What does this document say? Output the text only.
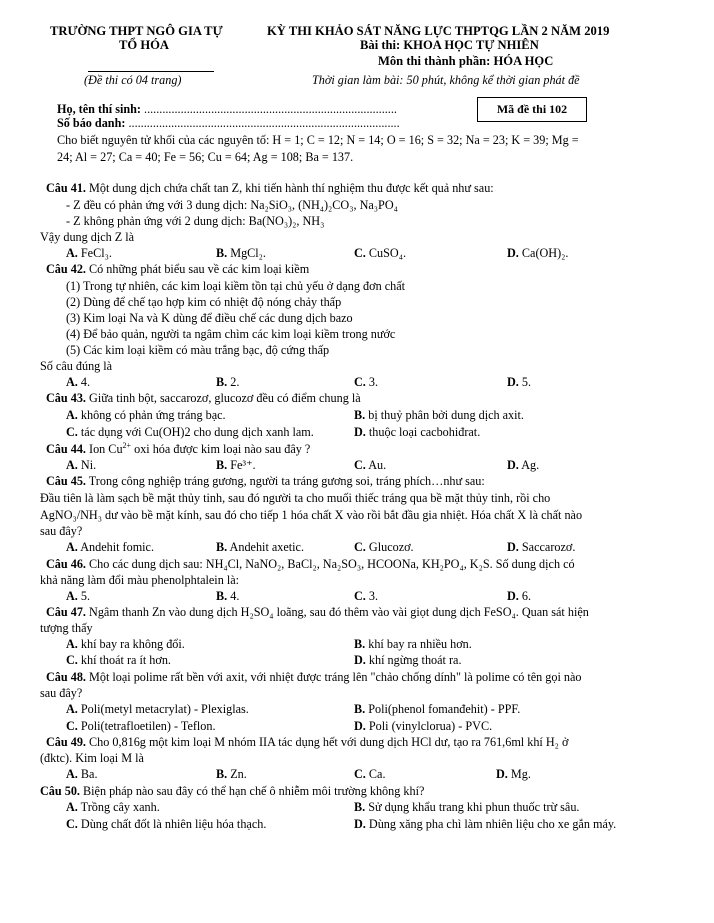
TRƯỜNG THPT NGÔ GIA TỰ
TỔ HÓA
(Đề thi có 04 trang)
KỲ THI KHẢO SÁT NĂNG LỰC THPTQG LẦN 2 NĂM 2019
Bài thi: KHOA HỌC TỰ NHIÊN
Môn thi thành phần: HÓA HỌC
Thời gian làm bài: 50 phút, không kể thời gian phát đề
Họ, tên thí sinh: ...................................................................................
Số báo danh: .........................................................................................
Mã đề thi 102
Cho biết nguyên tử khối của các nguyên tố: H = 1; C = 12; N = 14; O = 16; S = 32; Na = 23; K = 39; Mg =
24; Al = 27; Ca = 40; Fe = 56; Cu = 64; Ag = 108; Ba = 137.
Câu 41. Một dung dịch chứa chất tan Z, khi tiến hành thí nghiệm thu được kết quả như sau:
- Z đều có phản ứng với 3 dung dịch: Na₂SiO₃, (NH₄)₂CO₃, Na₃PO₄
- Z không phản ứng với 2 dung dịch: Ba(NO₃)₂, NH₃
Vậy dung dịch Z là
A. FeCl₃.	B. MgCl₂.	C. CuSO₄.	D. Ca(OH)₂.
Câu 42. Có những phát biểu sau về các kim loại kiềm
(1) Trong tự nhiên, các kim loại kiềm tồn tại chủ yếu ở dạng đơn chất
(2) Dùng để chế tạo hợp kim có nhiệt độ nóng chảy thấp
(3) Kim loại Na và K dùng để điều chế các dung dịch bazo
(4) Để bảo quản, người ta ngâm chìm các kim loại kiềm trong nước
(5) Các kim loại kiềm có màu trắng bạc, độ cứng thấp
Số câu đúng là
A. 4.	B. 2.	C. 3.	D. 5.
Câu 43. Giữa tinh bột, saccarozơ, glucozơ đều có điểm chung là
A. không có phản ứng tráng bạc.	B. bị thuỷ phân bởi dung dịch axit.
C. tác dụng với Cu(OH)2 cho dung dịch xanh lam.	D. thuộc loại cacbohiđrat.
Câu 44. Ion $Cu^{2+}$ oxi hóa được kim loại nào sau đây ?
A. Ni.	B. Fe³⁺.	C. Au.	D. Ag.
Câu 45. Trong công nghiệp tráng gương, người ta tráng gương soi, tráng phích…như sau:
Đầu tiên là làm sạch bề mặt thủy tinh, sau đó người ta cho muối thiếc tráng qua bề mặt thủy tinh, rồi cho
AgNO₃/NH₃ dư vào bề mặt kính, sau đó cho tiếp 1 hóa chất X vào rồi bắt đầu gia nhiệt. Hóa chất X là chất nào
sau đây?
A. Andehit fomic.	B. Andehit axetic.	C. Glucozơ.	D. Saccarozơ.
Câu 46. Cho các dung dịch sau: NH₄Cl, NaNO₂, BaCl₂, Na₂SO₃, HCOONa, KH₂PO₄, K₂S. Số dung dịch có
khả năng làm đổi màu phenolphtalein là:
A. 5.	B. 4.	C. 3.	D. 6.
Câu 47. Ngâm thanh Zn vào dung dịch H₂SO₄ loãng, sau đó thêm vào vài giọt dung dịch FeSO₄. Quan sát hiện
tượng thấy
A. khí bay ra không đổi.	B. khí bay ra nhiều hơn.
C. khí thoát ra ít hơn.	D. khí ngừng thoát ra.
Câu 48. Một loại polime rất bền với axit, với nhiệt được tráng lên "chảo chống dính" là polime có tên gọi nào
sau đây?
A. Poli(metyl metacrylat) - Plexiglas.	B. Poli(phenol fomanđehit) - PPF.
C. Poli(tetrafloetilen) - Teflon.	D. Poli (vinylclorua) - PVC.
Câu 49. Cho 0,816g một kim loại M nhóm IIA tác dụng hết với dung dịch HCl dư, tạo ra 761,6ml khí H₂ ở
(đktc). Kim loại M là
A. Ba.	B. Zn.	C. Ca.	D. Mg.
Câu 50. Biện pháp nào sau đây có thể hạn chế ô nhiễm môi trường không khí?
A. Trồng cây xanh.	B. Sử dụng khẩu trang khi phun thuốc trừ sâu.
C. Dùng chất đốt là nhiên liệu hóa thạch.	D. Dùng xăng pha chì làm nhiên liệu cho xe gắn máy.
